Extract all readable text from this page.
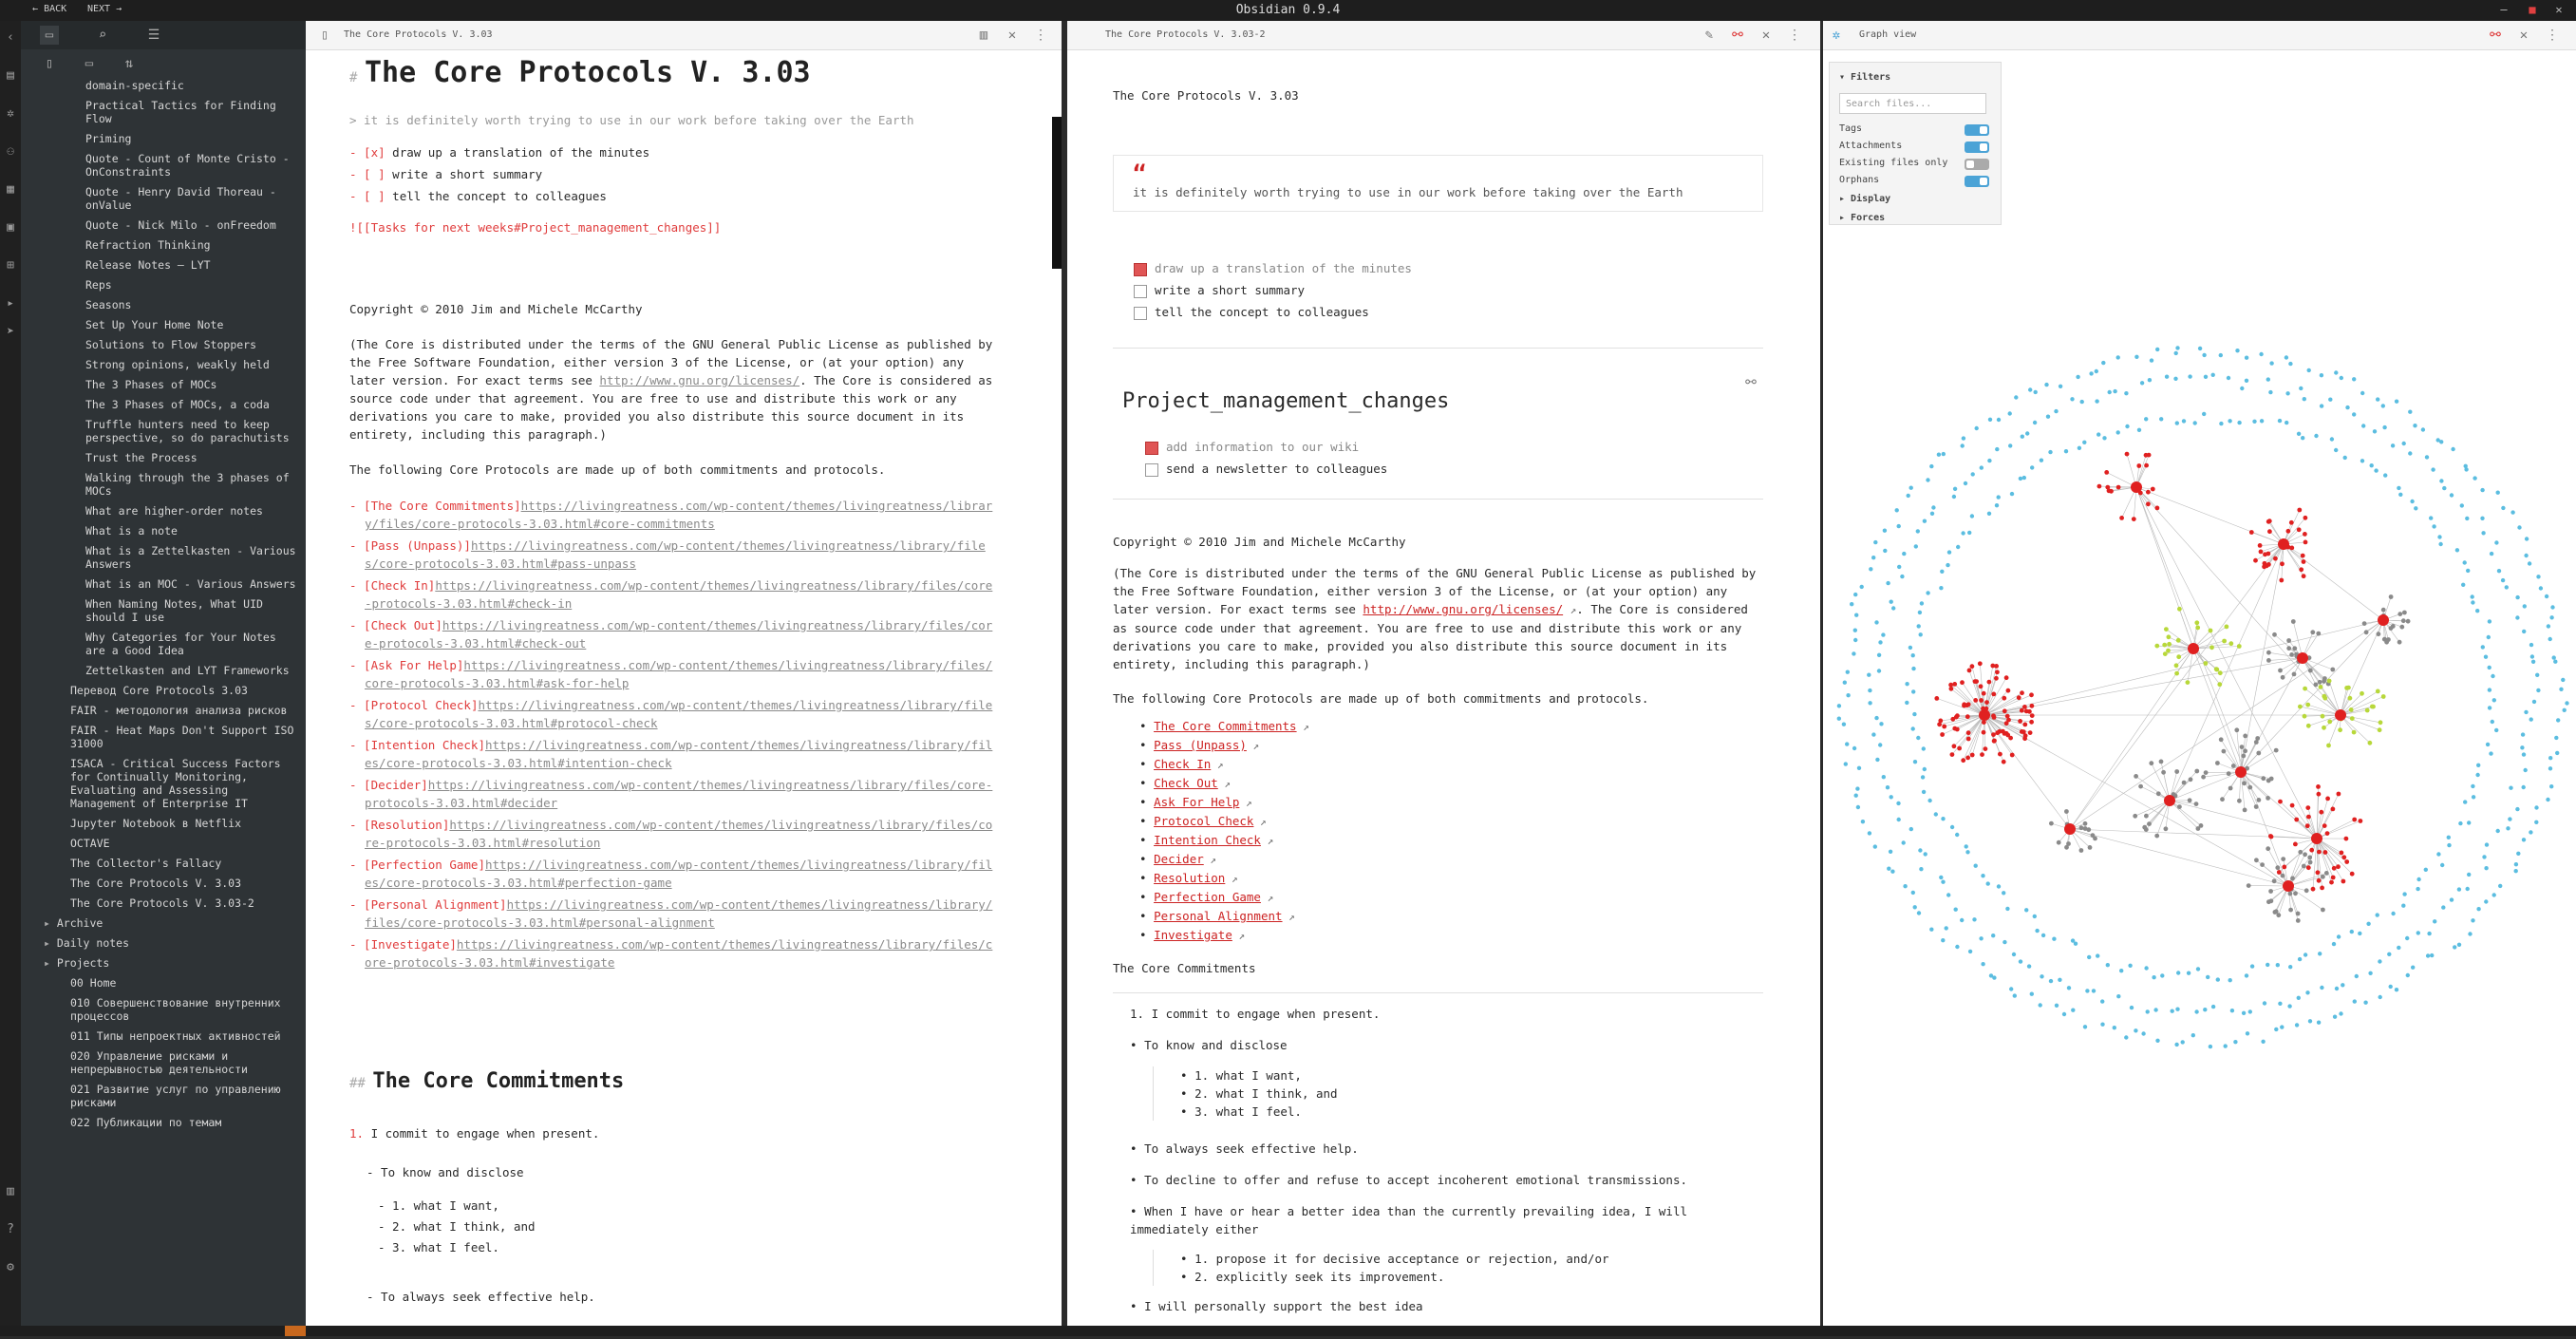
← BACK NEXT →	Obsidian 0.9.4	– ■ ✕
‹
▤
✲
⚇
▦
▣
⊞
▸
➤
▥
?
⚙
▭	⌕	☰
▯	▭	⇅
domain-specific
Practical Tactics for Finding Flow
Priming
Quote - Count of Monte Cristo - OnConstraints
Quote - Henry David Thoreau - onValue
Quote - Nick Milo - onFreedom
Refraction Thinking
Release Notes — LYT
Reps
Seasons
Set Up Your Home Note
Solutions to Flow Stoppers
Strong opinions, weakly held
The 3 Phases of MOCs
The 3 Phases of MOCs, a coda
Truffle hunters need to keep perspective, so do parachutists
Trust the Process
Walking through the 3 phases of MOCs
What are higher-order notes
What is a note
What is a Zettelkasten - Various Answers
What is an MOC - Various Answers
When Naming Notes, What UID should I use
Why Categories for Your Notes are a Good Idea
Zettelkasten and LYT Frameworks
Перевод Core Protocols 3.03
FAIR - методология анализа рисков
FAIR - Heat Maps Don't Support ISO 31000
ISACA - Critical Success Factors for Continually Monitoring, Evaluating and Assessing Management of Enterprise IT
Jupyter Notebook в Netflix
OCTAVE
The Collector's Fallacy
The Core Protocols V. 3.03
The Core Protocols V. 3.03-2
▸ Archive
▸ Daily notes
▸ Projects
00 Home
010 Совершенствование внутренних процессов
011 Типы непроектных активностей
020 Управление рисками и непрерывностью деятельности
021 Развитие услуг по управлению рисками
022 Публикации по темам
▯	The Core Protocols V. 3.03	▥ ✕ ⋮
# The Core Protocols V. 3.03
> it is definitely worth trying to use in our work before taking over the Earth
- [x] draw up a translation of the minutes
- [ ] write a short summary
- [ ] tell the concept to colleagues
![[Tasks for next weeks#Project_management_changes]]
Copyright © 2010 Jim and Michele McCarthy
(The Core is distributed under the terms of the GNU General Public License as published by the Free Software Foundation, either version 3 of the License, or (at your option) any later version. For exact terms see http://www.gnu.org/licenses/. The Core is considered as source code under that agreement. You are free to use and distribute this work or any derivations you care to make, provided you also distribute this source document in its entirety, including this paragraph.)
The following Core Protocols are made up of both commitments and protocols.
- [The Core Commitments]https://livingreatness.com/wp-content/themes/livingreatness/library/files/core-protocols-3.03.html#core-commitments
- [Pass (Unpass)]https://livingreatness.com/wp-content/themes/livingreatness/library/files/core-protocols-3.03.html#pass-unpass
- [Check In]https://livingreatness.com/wp-content/themes/livingreatness/library/files/core-protocols-3.03.html#check-in
- [Check Out]https://livingreatness.com/wp-content/themes/livingreatness/library/files/core-protocols-3.03.html#check-out
- [Ask For Help]https://livingreatness.com/wp-content/themes/livingreatness/library/files/core-protocols-3.03.html#ask-for-help
- [Protocol Check]https://livingreatness.com/wp-content/themes/livingreatness/library/files/core-protocols-3.03.html#protocol-check
- [Intention Check]https://livingreatness.com/wp-content/themes/livingreatness/library/files/core-protocols-3.03.html#intention-check
- [Decider]https://livingreatness.com/wp-content/themes/livingreatness/library/files/core-protocols-3.03.html#decider
- [Resolution]https://livingreatness.com/wp-content/themes/livingreatness/library/files/core-protocols-3.03.html#resolution
- [Perfection Game]https://livingreatness.com/wp-content/themes/livingreatness/library/files/core-protocols-3.03.html#perfection-game
- [Personal Alignment]https://livingreatness.com/wp-content/themes/livingreatness/library/files/core-protocols-3.03.html#personal-alignment
- [Investigate]https://livingreatness.com/wp-content/themes/livingreatness/library/files/core-protocols-3.03.html#investigate
## The Core Commitments
1. I commit to engage when present.
- To know and disclose
- 1. what I want,
- 2. what I think, and
- 3. what I feel.
- To always seek effective help.
The Core Protocols V. 3.03-2	✎ ⚯ ✕ ⋮
The Core Protocols V. 3.03
“
it is definitely worth trying to use in our work before taking over the Earth
draw up a translation of the minutes
write a short summary
tell the concept to colleagues
⚯
Project_management_changes
add information to our wiki
send a newsletter to colleagues
Copyright © 2010 Jim and Michele McCarthy
(The Core is distributed under the terms of the GNU General Public License as published by the Free Software Foundation, either version 3 of the License, or (at your option) any later version. For exact terms see http://www.gnu.org/licenses/ ↗. The Core is considered as source code under that agreement. You are free to use and distribute this work or any derivations you care to make, provided you also distribute this source document in its entirety, including this paragraph.)
The following Core Protocols are made up of both commitments and protocols.
• The Core Commitments ↗
• Pass (Unpass) ↗
• Check In ↗
• Check Out ↗
• Ask For Help ↗
• Protocol Check ↗
• Intention Check ↗
• Decider ↗
• Resolution ↗
• Perfection Game ↗
• Personal Alignment ↗
• Investigate ↗
The Core Commitments
1. I commit to engage when present.
• To know and disclose
• 1. what I want,
• 2. what I think, and
• 3. what I feel.
• To always seek effective help.
• To decline to offer and refuse to accept incoherent emotional transmissions.
• When I have or hear a better idea than the currently prevailing idea, I will immediately either
• 1. propose it for decisive acceptance or rejection, and/or
• 2. explicitly seek its improvement.
• I will personally support the best idea
✲	Graph view	⚯ ✕ ⋮
▾ Filters
Search files...
Tags
Attachments
Existing files only
Orphans
▸ Display
▸ Forces
